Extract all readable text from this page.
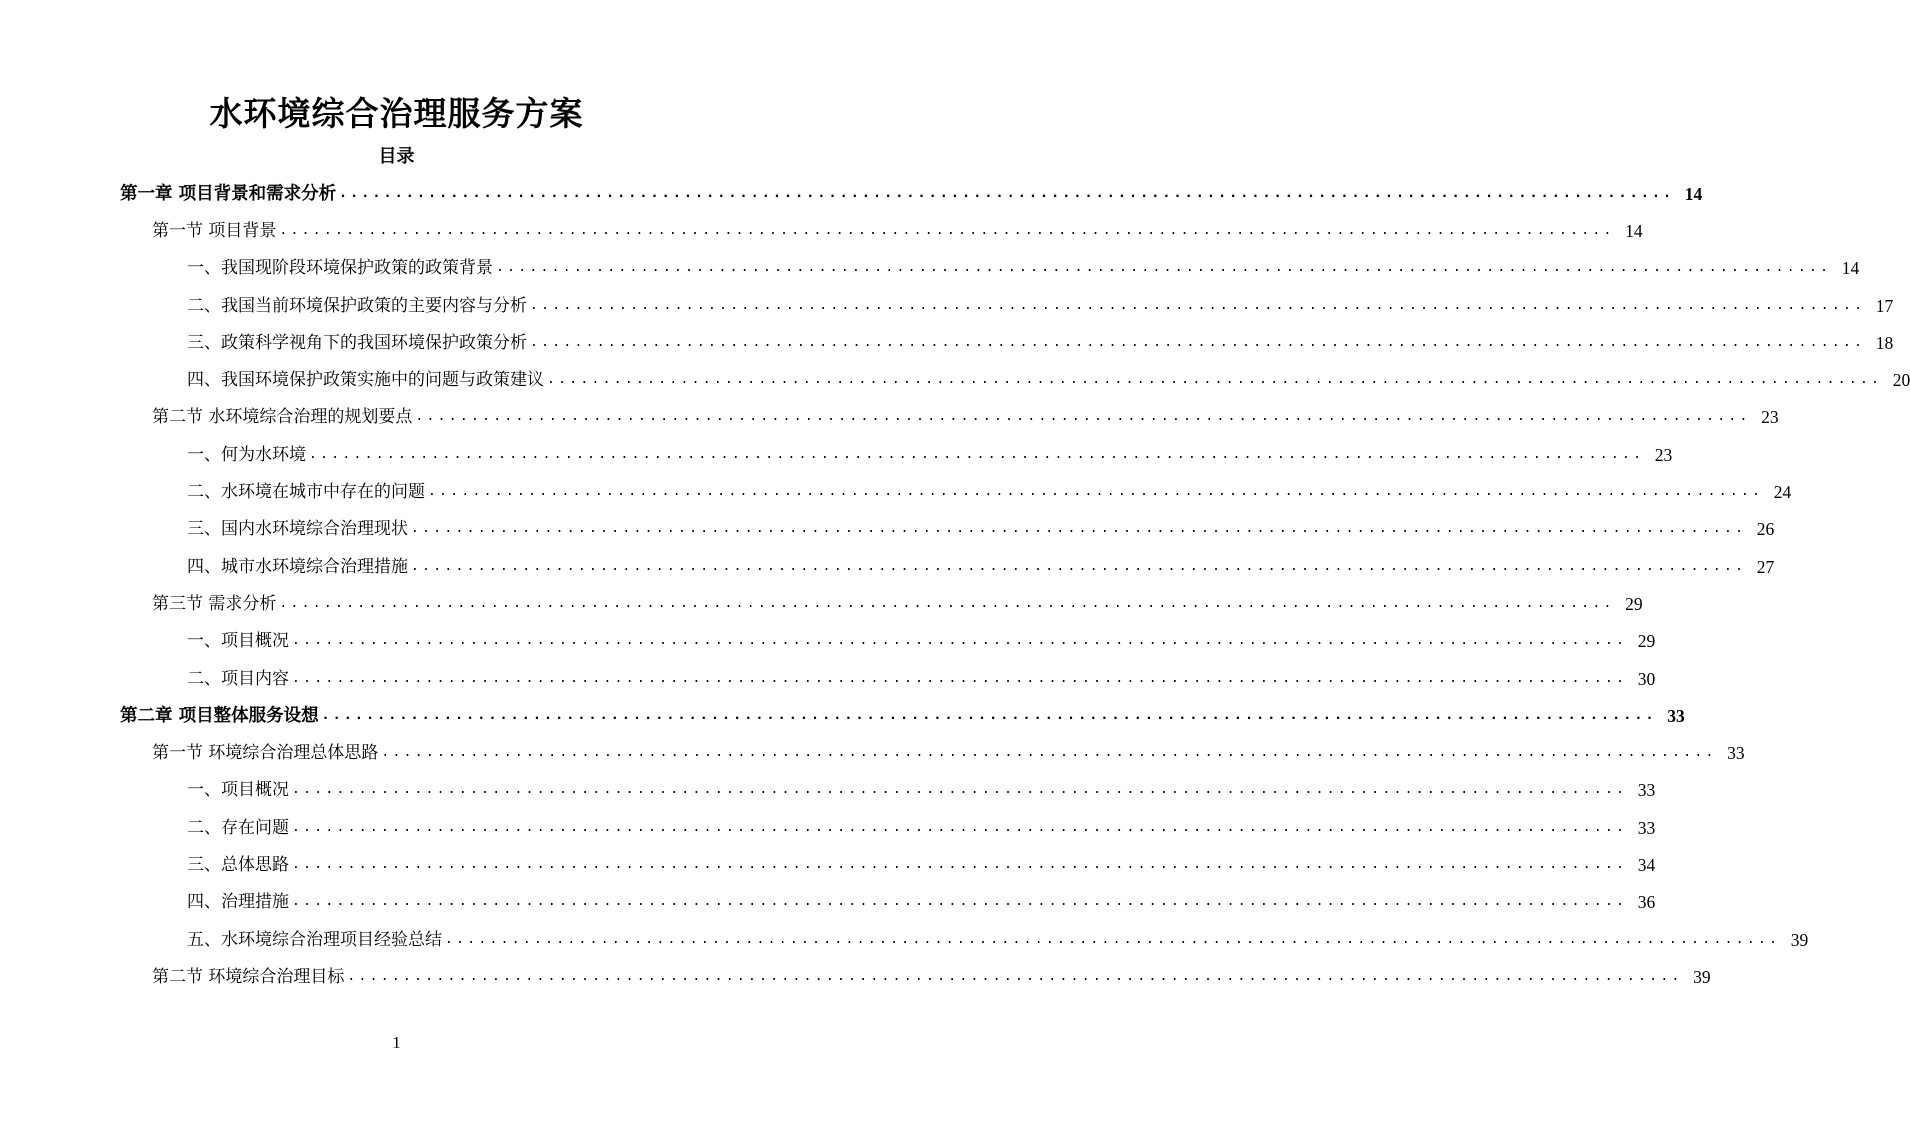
水环境综合治理服务方案
目录
第一章 项目背景和需求分析 ........................................................................................................................ 14
第一节 项目背景 ........................................................................................................................ 14
一、我国现阶段环境保护政策的政策背景 ........................................................................................................................ 14
二、我国当前环境保护政策的主要内容与分析 ........................................................................................................................ 17
三、政策科学视角下的我国环境保护政策分析 ........................................................................................................................ 18
四、我国环境保护政策实施中的问题与政策建议 ........................................................................................................................ 20
第二节 水环境综合治理的规划要点 ........................................................................................................................ 23
一、何为水环境 ........................................................................................................................ 23
二、水环境在城市中存在的问题 ........................................................................................................................ 24
三、国内水环境综合治理现状 ........................................................................................................................ 26
四、城市水环境综合治理措施 ........................................................................................................................ 27
第三节 需求分析 ........................................................................................................................ 29
一、项目概况 ........................................................................................................................ 29
二、项目内容 ........................................................................................................................ 30
第二章 项目整体服务设想 ........................................................................................................................ 33
第一节 环境综合治理总体思路 ........................................................................................................................ 33
一、项目概况 ........................................................................................................................ 33
二、存在问题 ........................................................................................................................ 33
三、总体思路 ........................................................................................................................ 34
四、治理措施 ........................................................................................................................ 36
五、水环境综合治理项目经验总结 ........................................................................................................................ 39
第二节 环境综合治理目标 ........................................................................................................................ 39
1
